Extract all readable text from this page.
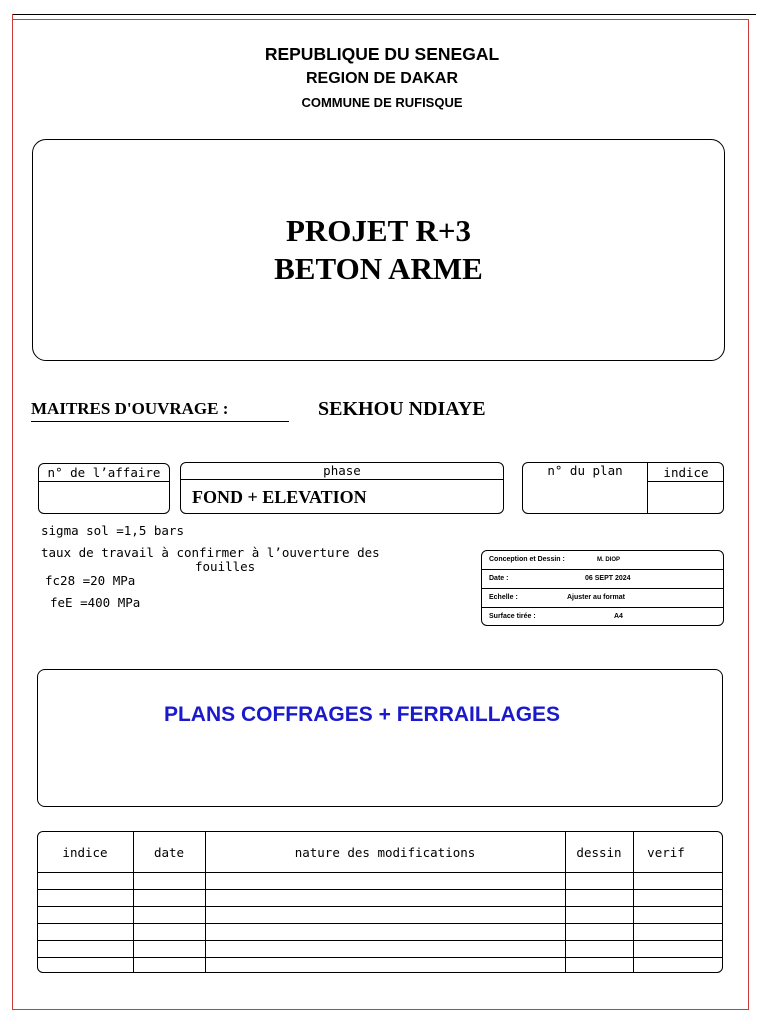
REPUBLIQUE DU SENEGAL
REGION DE DAKAR
COMMUNE DE RUFISQUE
PROJET R+3
BETON ARME
MAITRES D'OUVRAGE :	SEKHOU NDIAYE
n° de l’affaire	phase
FOND + ELEVATION
n° du plan	indice
sigma sol =1,5 bars
taux de travail à confirmer à l’ouverture des
fouilles
fc28 =20 MPa
feE =400 MPa
Conception et Dessin :	M. DIOP
Date :	06 SEPT 2024
Echelle :	Ajuster au format
Surface tirée :	A4
PLANS COFFRAGES + FERRAILLAGES
indice	date	nature des modifications	dessin	verif
